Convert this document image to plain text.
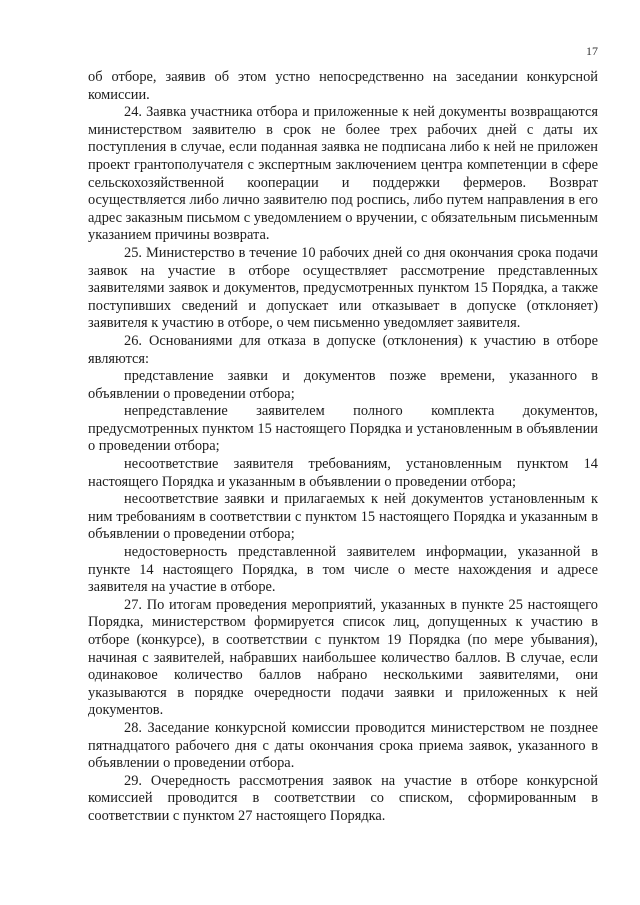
17

об отборе, заявив об этом устно непосредственно на заседании конкурсной комиссии.

24. Заявка участника отбора и приложенные к ней документы возвращаются министерством заявителю в срок не более трех рабочих дней с даты их поступления в случае, если поданная заявка не подписана либо к ней не приложен проект грантополучателя с экспертным заключением центра компетенции в сфере сельскохозяйственной кооперации и поддержки фермеров. Возврат осуществляется либо лично заявителю под роспись, либо путем направления в его адрес заказным письмом с уведомлением о вручении, с обязательным письменным указанием причины возврата.

25. Министерство в течение 10 рабочих дней со дня окончания срока подачи заявок на участие в отборе осуществляет рассмотрение представленных заявителями заявок и документов, предусмотренных пунктом 15 Порядка, а также поступивших сведений и допускает или отказывает в допуске (отклоняет) заявителя к участию в отборе, о чем письменно уведомляет заявителя.

26. Основаниями для отказа в допуске (отклонения) к участию в отборе являются:

представление заявки и документов позже времени, указанного в объявлении о проведении отбора;

непредставление заявителем полного комплекта документов, предусмотренных пунктом 15 настоящего Порядка и установленным в объявлении о проведении отбора;

несоответствие заявителя требованиям, установленным пунктом 14 настоящего Порядка и указанным в объявлении о проведении отбора;

несоответствие заявки и прилагаемых к ней документов установленным к ним требованиям в соответствии с пунктом 15 настоящего Порядка и указанным в объявлении о проведении отбора;

недостоверность представленной заявителем информации, указанной в пункте 14 настоящего Порядка, в том числе о месте нахождения и адресе заявителя на участие в отборе.

27. По итогам проведения мероприятий, указанных в пункте 25 настоящего Порядка, министерством формируется список лиц, допущенных к участию в отборе (конкурсе), в соответствии с пунктом 19 Порядка (по мере убывания), начиная с заявителей, набравших наибольшее количество баллов. В случае, если одинаковое количество баллов набрано несколькими заявителями, они указываются в порядке очередности подачи заявки и приложенных к ней документов.

28. Заседание конкурсной комиссии проводится министерством не позднее пятнадцатого рабочего дня с даты окончания срока приема заявок, указанного в объявлении о проведении отбора.

29. Очередность рассмотрения заявок на участие в отборе конкурсной комиссией проводится в соответствии со списком, сформированным в соответствии с пунктом 27 настоящего Порядка.
